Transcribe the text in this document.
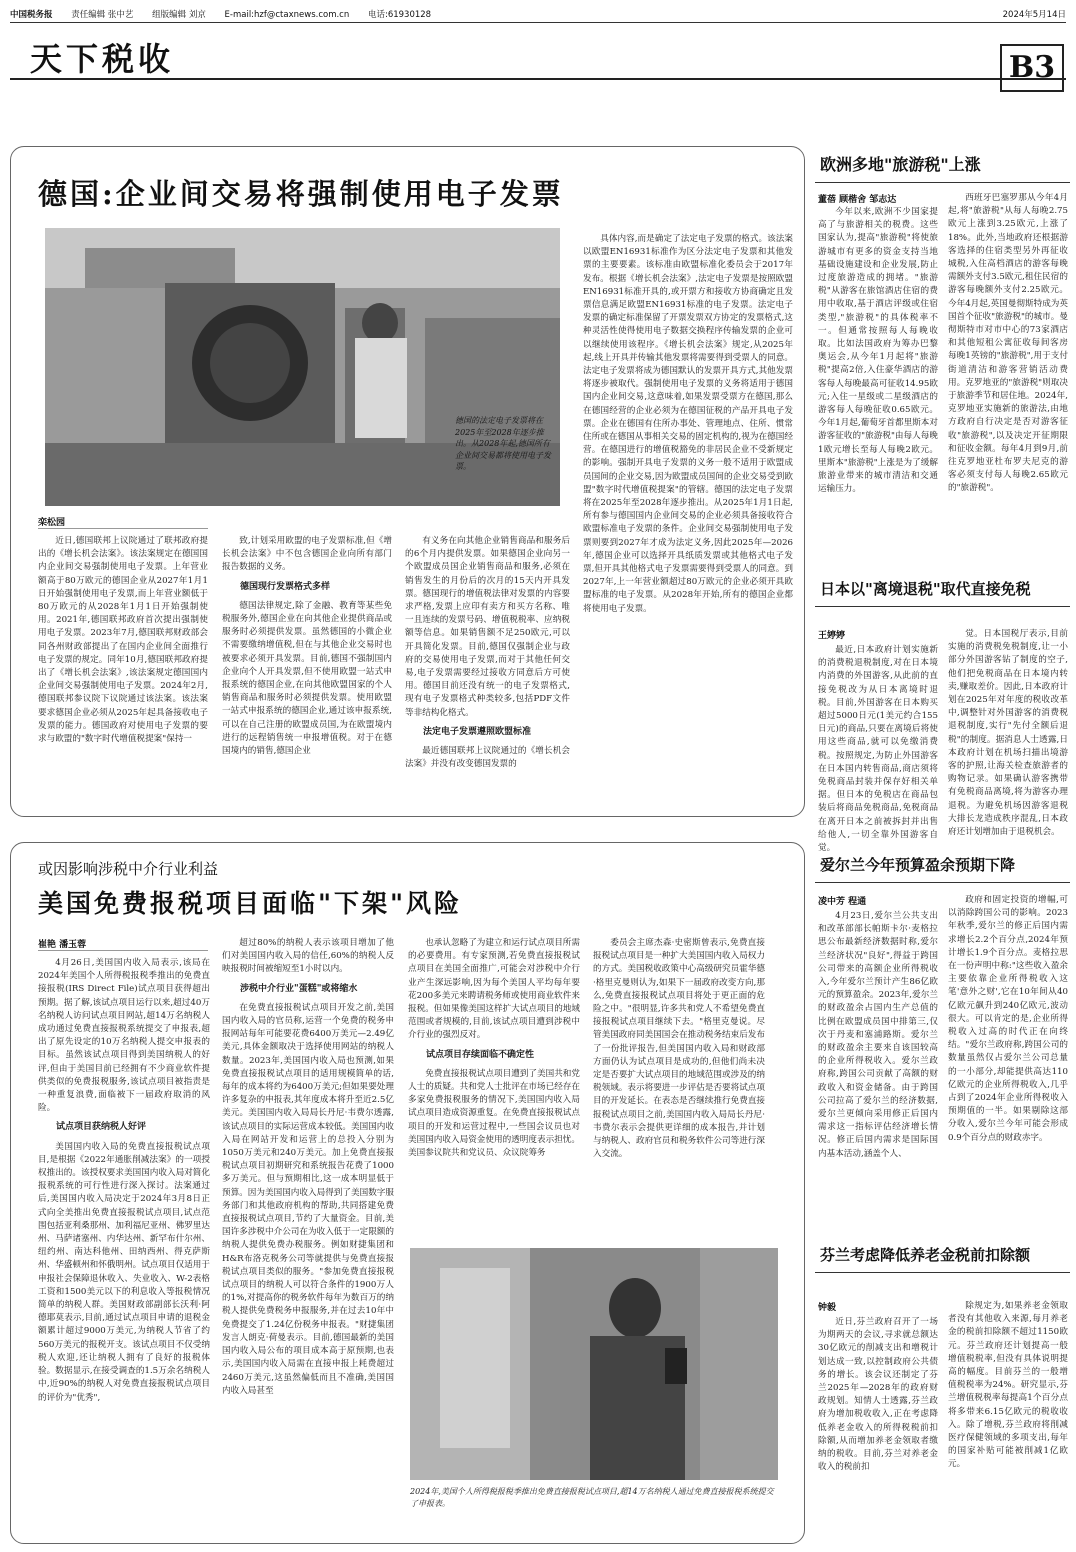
中国税务报 责任编辑 张中艺 组版编辑 刘京 E-mail:hzf@ctaxnews.com.cn 电话:61930128	2024年5月14日
天下税收	B3
德国:企业间交易将强制使用电子发票
德国的法定电子发票将在2025年至2028年逐步推出。从2028年起,德国所有企业间交易都将使用电子发票。
栾松园

近日,德国联邦上议院通过了联邦政府提出的《增长机会法案》。该法案规定在德国国内企业间交易强制使用电子发票。上年营业额高于80万欧元的德国企业从2027年1月1日开始强制使用电子发票,而上年营业额低于80万欧元的从2028年1月1日开始强制使用。2021年,德国联邦政府首次提出强制使用电子发票。2023年7月,德国联邦财政部会同各州财政部提出了在国内企业间全面推行电子发票的规定。同年10月,德国联邦政府提出了《增长机会法案》,该法案规定德国国内企业间交易强制使用电子发票。2024年2月,德国联邦参议院下议院通过该法案。该法案要求德国企业必须从2025年起具备接收电子发票的能力。德国政府对使用电子发票的要求与欧盟的"数字时代增值税提案"保持一

致,计划采用欧盟的电子发票标准,但《增长机会法案》中不包含德国企业向所有部门报告数据的义务。

德国现行发票格式多样

德国法律规定,除了金融、教育等某些免税服务外,德国企业在向其他企业提供商品或服务时必须提供发票。虽然德国的小微企业不需要缴纳增值税,但在与其他企业交易时也被要求必须开具发票。目前,德国不强制国内企业向个人开具发票,但不使用欧盟一站式申报系统的德国企业,在向其他欧盟国家的个人销售商品和服务时必须提供发票。使用欧盟一站式申报系统的德国企业,通过该申报系统,可以在自己注册的欧盟成员国,为在欧盟境内进行的远程销售统一申报增值税。对于在德国境内的销售,德国企业

有义务在向其他企业销售商品和服务后的6个月内提供发票。如果德国企业向另一个欧盟成员国企业销售商品和服务,必须在销售发生的月份后的次月的15天内开具发票。德国现行的增值税法律对发票的内容要求严格,发票上应印有卖方和买方名称、唯一且连续的发票号码、增值税税率、应纳税额等信息。如果销售额不足250欧元,可以开具简化发票。目前,德国仅强制企业与政府的交易使用电子发票,而对于其他任何交易,电子发票需要经过接收方同意后方可使用。德国目前还没有统一的电子发票格式,现有电子发票格式种类较多,包括PDF文件等非结构化格式。

法定电子发票遵照欧盟标准

最近德国联邦上议院通过的《增长机会法案》并没有改变德国发票的

具体内容,而是确定了法定电子发票的格式。该法案以欧盟EN16931标准作为区分法定电子发票和其他发票的主要要素。该标准由欧盟标准化委员会于2017年发布。根据《增长机会法案》,法定电子发票是按照欧盟EN16931标准开具的,或开票方和接收方协商确定且发票信息满足欧盟EN16931标准的电子发票。法定电子发票的确定标准保留了开票发票双方协定的发票格式,这种灵活性使得使用电子数据交换程序传输发票的企业可以继续使用该程序。《增长机会法案》规定,从2025年起,线上开具并传输其他发票将需要得到受票人的同意。法定电子发票将成为德国默认的发票开具方式,其他发票将逐步被取代。强制使用电子发票的义务将适用于德国国内企业间交易,这意味着,如果发票受票方在德国,那么在德国经营的企业必须为在德国征税的产品开具电子发票。企业在德国有住所办事处、管理地点、住所、惯常住所或在德国从事相关交易的固定机构的,视为在德国经营。在德国进行的增值税豁免的非居民企业不受新规定的影响。强制开具电子发票的义务一般不适用于欧盟成员国间的企业交易,因为欧盟成员国间的企业交易受到欧盟"数字时代增值税提案"的管辖。德国的法定电子发票将在2025年至2028年逐步推出。从2025年1月1日起,所有参与德国国内企业间交易的企业必须具备接收符合欧盟标准电子发票的条件。企业间交易强制使用电子发票则要到2027年才成为法定义务,因此2025年—2026年,德国企业可以选择开具纸质发票或其他格式电子发票,但开具其他格式电子发票需要得到受票人的同意。到2027年,上一年营业额超过80万欧元的企业必须开具欧盟标准的电子发票。从2028年开始,所有的德国企业都将使用电子发票。

或因影响涉税中介行业利益
美国免费报税项目面临"下架"风险
崔艳 潘玉蓉

4月26日,美国国内收入局表示,该局在2024年美国个人所得税报税季推出的免费直接报税(IRS Direct File)试点项目获得超出预期。据了解,该试点项目运行以来,超过40万名纳税人访问试点项目网站,超14万名纳税人成功通过免费直接报税系统提交了申报表,超出了原先设定的10万名纳税人提交申报表的目标。虽然该试点项目得到美国纳税人的好评,但由于美国目前已经拥有不少商业软件提供类似的免费报税服务,该试点项目被指责是一种重复浪费,面临被下一届政府取消的风险。

试点项目获纳税人好评

美国国内收入局的免费直接报税试点项目,是根据《2022年通胀削减法案》的一项授权推出的。该授权要求美国国内收入局对简化报税系统的可行性进行深入探讨。法案通过后,美国国内收入局决定于2024年3月8日正式向全美推出免费直接报税试点项目,试点范围包括亚利桑那州、加利福尼亚州、佛罗里达州、马萨诸塞州、内华达州、新罕布什尔州、纽约州、南达科他州、田纳西州、得克萨斯州、华盛顿州和怀俄明州。试点项目仅适用于申报社会保障退休收入、失业收入、W-2表格工资和1500美元以下的利息收入等报税情况简单的纳税人群。美国财政部副部长沃利·阿德耶莫表示,目前,通过试点项目申请的退税金额累计超过9000万美元,为纳税人节省了约560万美元的报税开支。该试点项目不仅受纳税人欢迎,还让纳税人拥有了良好的报税体验。数据显示,在接受调查的1.5万余名纳税人中,近90%的纳税人对免费直接报税试点项目的评价为"优秀",

超过80%的纳税人表示该项目增加了他们对美国国内收入局的信任,60%的纳税人反映报税时间被缩短至1小时以内。

涉税中介行业"蛋糕"或将缩水

在免费直接报税试点项目开发之前,美国国内收入局的官员称,运营一个免费的税务申报网站每年可能要花费6400万美元—2.49亿美元,具体金额取决于选择使用网站的纳税人数量。2023年,美国国内收入局也预测,如果免费直接报税试点项目的适用规模简单的话,每年的成本将约为6400万美元;但如果要处理许多复杂的申报表,其年度成本将升至近2.5亿美元。美国国内收入局局长丹尼·韦费尔透露,该试点项目的实际运营成本较低。美国国内收入局在网站开发和运营上的总投入分别为1050万美元和240万美元。加上免费直接报税试点项目初期研究和系统报告花费了1000多万美元。但与预期相比,这一成本明显低于预算。因为美国国内收入局得到了美国数字服务部门和其他政府机构的帮助,共同搭建免费直接报税试点项目,节约了大量资金。目前,美国许多涉税中介公司在为收入低于一定限额的纳税人提供免费办税服务。例如财捷集团和H&R布洛克税务公司等就提供与免费直接报税试点项目类似的服务。"参加免费直接报税试点项目的纳税人可以符合条件的1900万人的1%,对提高你的税务软件每年为数百万的纳税人提供免费税务申报服务,并在过去10年中免费提交了1.24亿份税务申报表。"财捷集团发言人朗克·荷曼表示。目前,德国最新的美国国内收入局公布的项目成本高于原预期,也表示,美国国内收入局需在直接申报上耗费超过2460万美元,这虽然偏低而且不准确,美国国内收入局甚至

也承认忽略了为建立和运行试点项目所需的必要费用。有专家预测,若免费直接报税试点项目在美国全面推广,可能会对涉税中介行业产生深远影响,因为每个美国人平均每年要花200多美元来聘请税务师或使用商业软件来报税。但如果像美国这样扩大试点项目的地域范围或者规模的,目前,该试点项目遭到涉税中介行业的强烈反对。

试点项目存续面临不确定性

免费直接报税试点项目遭到了美国共和党人士的质疑。共和党人士批评在市场已经存在多家免费报税服务的情况下,美国国内收入局试点项目造成资源重复。在免费直接报税试点项目的开发和运营过程中,一些国会议员也对美国国内收入局资金使用的透明度表示担忧。美国参议院共和党议员、众议院筹务

委员会主席杰森·史密斯曾表示,免费直接报税试点项目是一种扩大美国国内收入局权力的方式。美国税收政策中心高级研究员霍华德·格里克曼则认为,如果下一届政府改变方向,那么,免费直接报税试点项目将处于更正面的危险之中。"很明显,许多共和党人不希望免费直接报税试点项目继续下去。"格里克曼说。尽管美国政府同美国国会在推动税务结束后发布了一份批评报告,但美国国内收入局和财政部方面仍认为试点项目是成功的,但他们尚未决定是否要扩大试点项目的地域范围或涉及的纳税领域。表示将要进一步评估是否要将试点项目的开发延长。在表态是否继续推行免费直接报税试点项目之前,美国国内收入局局长丹尼·韦费尔表示会提供更详细的成本报告,并计划与纳税人、政府官员和税务软件公司等进行深入交流。

2024年,美国个人所得税报税季推出免费直接报税试点项目,超14万名纳税人通过免费直接报税系统提交了申报表。
欧洲多地"旅游税"上涨
董蓓 顾楷舍 邹志达

今年以来,欧洲不少国家提高了与旅游相关的税费。这些国家认为,提高"旅游税"将使旅游城市有更多的资金支持当地基础设施建设和企业发展,防止过度旅游造成的拥堵。"旅游税"从游客在旅馆酒店住宿的费用中收取,基于酒店评级或住宿类型,"旅游税"的具体税率不一。但通常按照每人每晚收取。比如法国政府为筹办巴黎奥运会,从今年1月起将"旅游税"提高2倍,入住豪华酒店的游客每人每晚最高可征收14.95欧元;入住一星级或二星级酒店的游客每人每晚征收0.65欧元。今年1月起,葡萄牙首都里斯本对游客征收的"旅游税"由每人每晚1欧元增长至每人每晚2欧元。里斯本"旅游税"上涨是为了缓解旅游业带来的城市清洁和交通运输压力。

西班牙巴塞罗那从今年4月起,将"旅游税"从每人每晚2.75欧元上涨到3.25欧元,上涨了18%。此外,当地政府还根据游客选择的住宿类型另外再征收城税,入住高档酒店的游客每晚需额外支付3.5欧元,租住民宿的游客每晚额外支付2.25欧元。今年4月起,英国曼彻斯特成为英国首个征收"旅游税"的城市。曼彻斯特市对市中心的73家酒店和其他短租公寓征收每间客房每晚1英镑的"旅游税",用于支付街道清洁和游客营销活动费用。克罗地亚的"旅游税"则取决于旅游季节和居住地。2024年,克罗地亚实施新的旅游法,由地方政府自行决定是否对游客征收"旅游税",以及决定开征期限和征收金额。每年4月到9月,前往克罗地亚杜布罗夫尼克的游客必须支付每人每晚2.65欧元的"旅游税"。

日本以"离境退税"取代直接免税
王婷婷

最近,日本政府计划实施新的消费税退税制度,对在日本境内消费的外国游客,从此前的直接免税改为从日本离境时退税。目前,外国游客在日本购买超过5000日元(1美元约合155日元)的商品,只要在离境后将使用这些商品,就可以免缴消费税。按照规定,为防止外国游客在日本国内转售商品,商店须将免税商品封装并保存好相关单据。但日本的免税店在商品包装后将商品免税商品,免税商品在离开日本之前被拆封并出售给他人,一切全靠外国游客自觉。

觉。日本国税厅表示,目前实施的消费税免税制度,让一小部分外国游客钻了制度的空子,他们把免税商品在日本境内转卖,赚取差价。因此,日本政府计划在2025年对年度的税收改革中,调整针对外国游客的消费税退税制度,实行"先付全额后退税"的制度。据消息人士透露,日本政府计划在机场扫描出境游客的护照,让海关检查旅游者的购物记录。如果确认游客携带有免税商品离境,将为游客办理退税。为避免机场因游客退税大排长龙造成秩序混乱,日本政府还计划增加由于退税机会。

爱尔兰今年预算盈余预期下降
凌中芳 程通

4月23日,爱尔兰公共支出和改革部部长帕斯卡尔·麦格拉思公布最新经济数据时称,爱尔兰经济状况"良好",得益于跨国公司带来的高额企业所得税收入,今年爱尔兰预计产生86亿欧元的预算盈余。2023年,爱尔兰的财政盈余占国内生产总值的比例在欧盟成员国中排第三,仅次于丹麦和塞浦路斯。爱尔兰的财政盈余主要来自该国较高的企业所得税收入。爱尔兰政府称,跨国公司贡献了高额的财政收入和资金储备。由于跨国公司拉高了爱尔兰的经济数据,爱尔兰更倾向采用修正后国内需求这一指标评估经济增长情况。修正后国内需求是国际国内基本活动,涵盖个人、

政府和固定投资的增幅,可以消除跨国公司的影响。2023年秋季,爱尔兰的修正后国内需求增长2.2个百分点,2024年预计增长1.9个百分点。麦格拉思在一份声明中称:"这些收入盈余主要依靠企业所得税收入这笔'意外之财',它在10年间从40亿欧元飙升到240亿欧元,波动很大。可以肯定的是,企业所得税收入过高的时代正在向终结。"爱尔兰政府称,跨国公司的数量虽然仅占爱尔兰公司总量的一小部分,却能提供高达110亿欧元的企业所得税收入,几乎占到了2024年企业所得税收入预期值的一半。如果剔除这部分收入,爱尔兰今年可能会形成0.9个百分点的财政赤字。

芬兰考虑降低养老金税前扣除额
钟毅

近日,芬兰政府召开了一场为期两天的会议,寻求就总额达30亿欧元的削减支出和增税计划达成一致,以控制政府公共债务的增长。该会议还制定了芬兰2025年—2028年的政府财政规划。知情人士透露,芬兰政府为增加税收收入,正在考虑降低养老金收入的所得税税前扣除额,从而增加养老金领取者缴纳的税收。目前,芬兰对养老金收入的税前扣

除规定为,如果养老金领取者没有其他收入来源,每月养老金的税前扣除额不超过1150欧元。芬兰政府还计划提高一般增值税税率,但没有具体说明提高的幅度。目前芬兰的一般增值税税率为24%。研究显示,芬兰增值税税率每提高1个百分点将多带来6.15亿欧元的税收收入。除了增税,芬兰政府将削减医疗保健领域的多项支出,每年的国家补贴可能被削减1亿欧元。
